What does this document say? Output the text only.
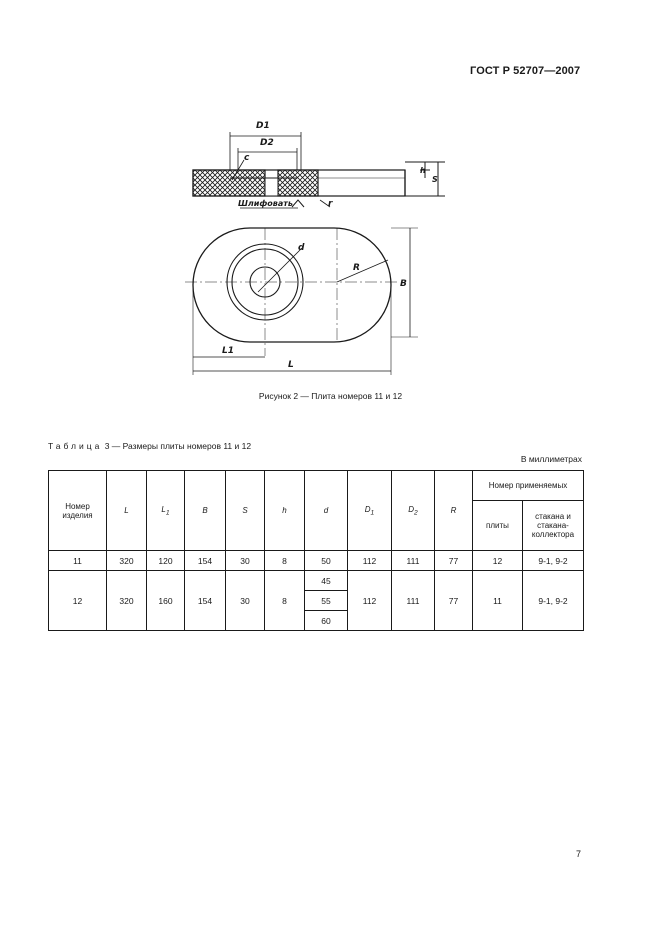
ГОСТ Р 52707—2007
D1
D2
c
r
Шлифовать
h
S
d
R
B
L1
L
Рисунок 2 — Плита номеров 11 и 12
Таблица 3 — Размеры плиты номеров 11 и 12
В миллиметрах
Номер изделия	L	$L_1$	B	S	h	d	$D_1$	$D_2$	R	Номер применяемых	
										плиты	стакана и стакана-коллектора
11	320	120	154	30	8	50	112	111	77	12	9-1, 9-2
12	320	160	154	30	8	45	112	111	77	11	9-1, 9-2
						55					
						60					
7
